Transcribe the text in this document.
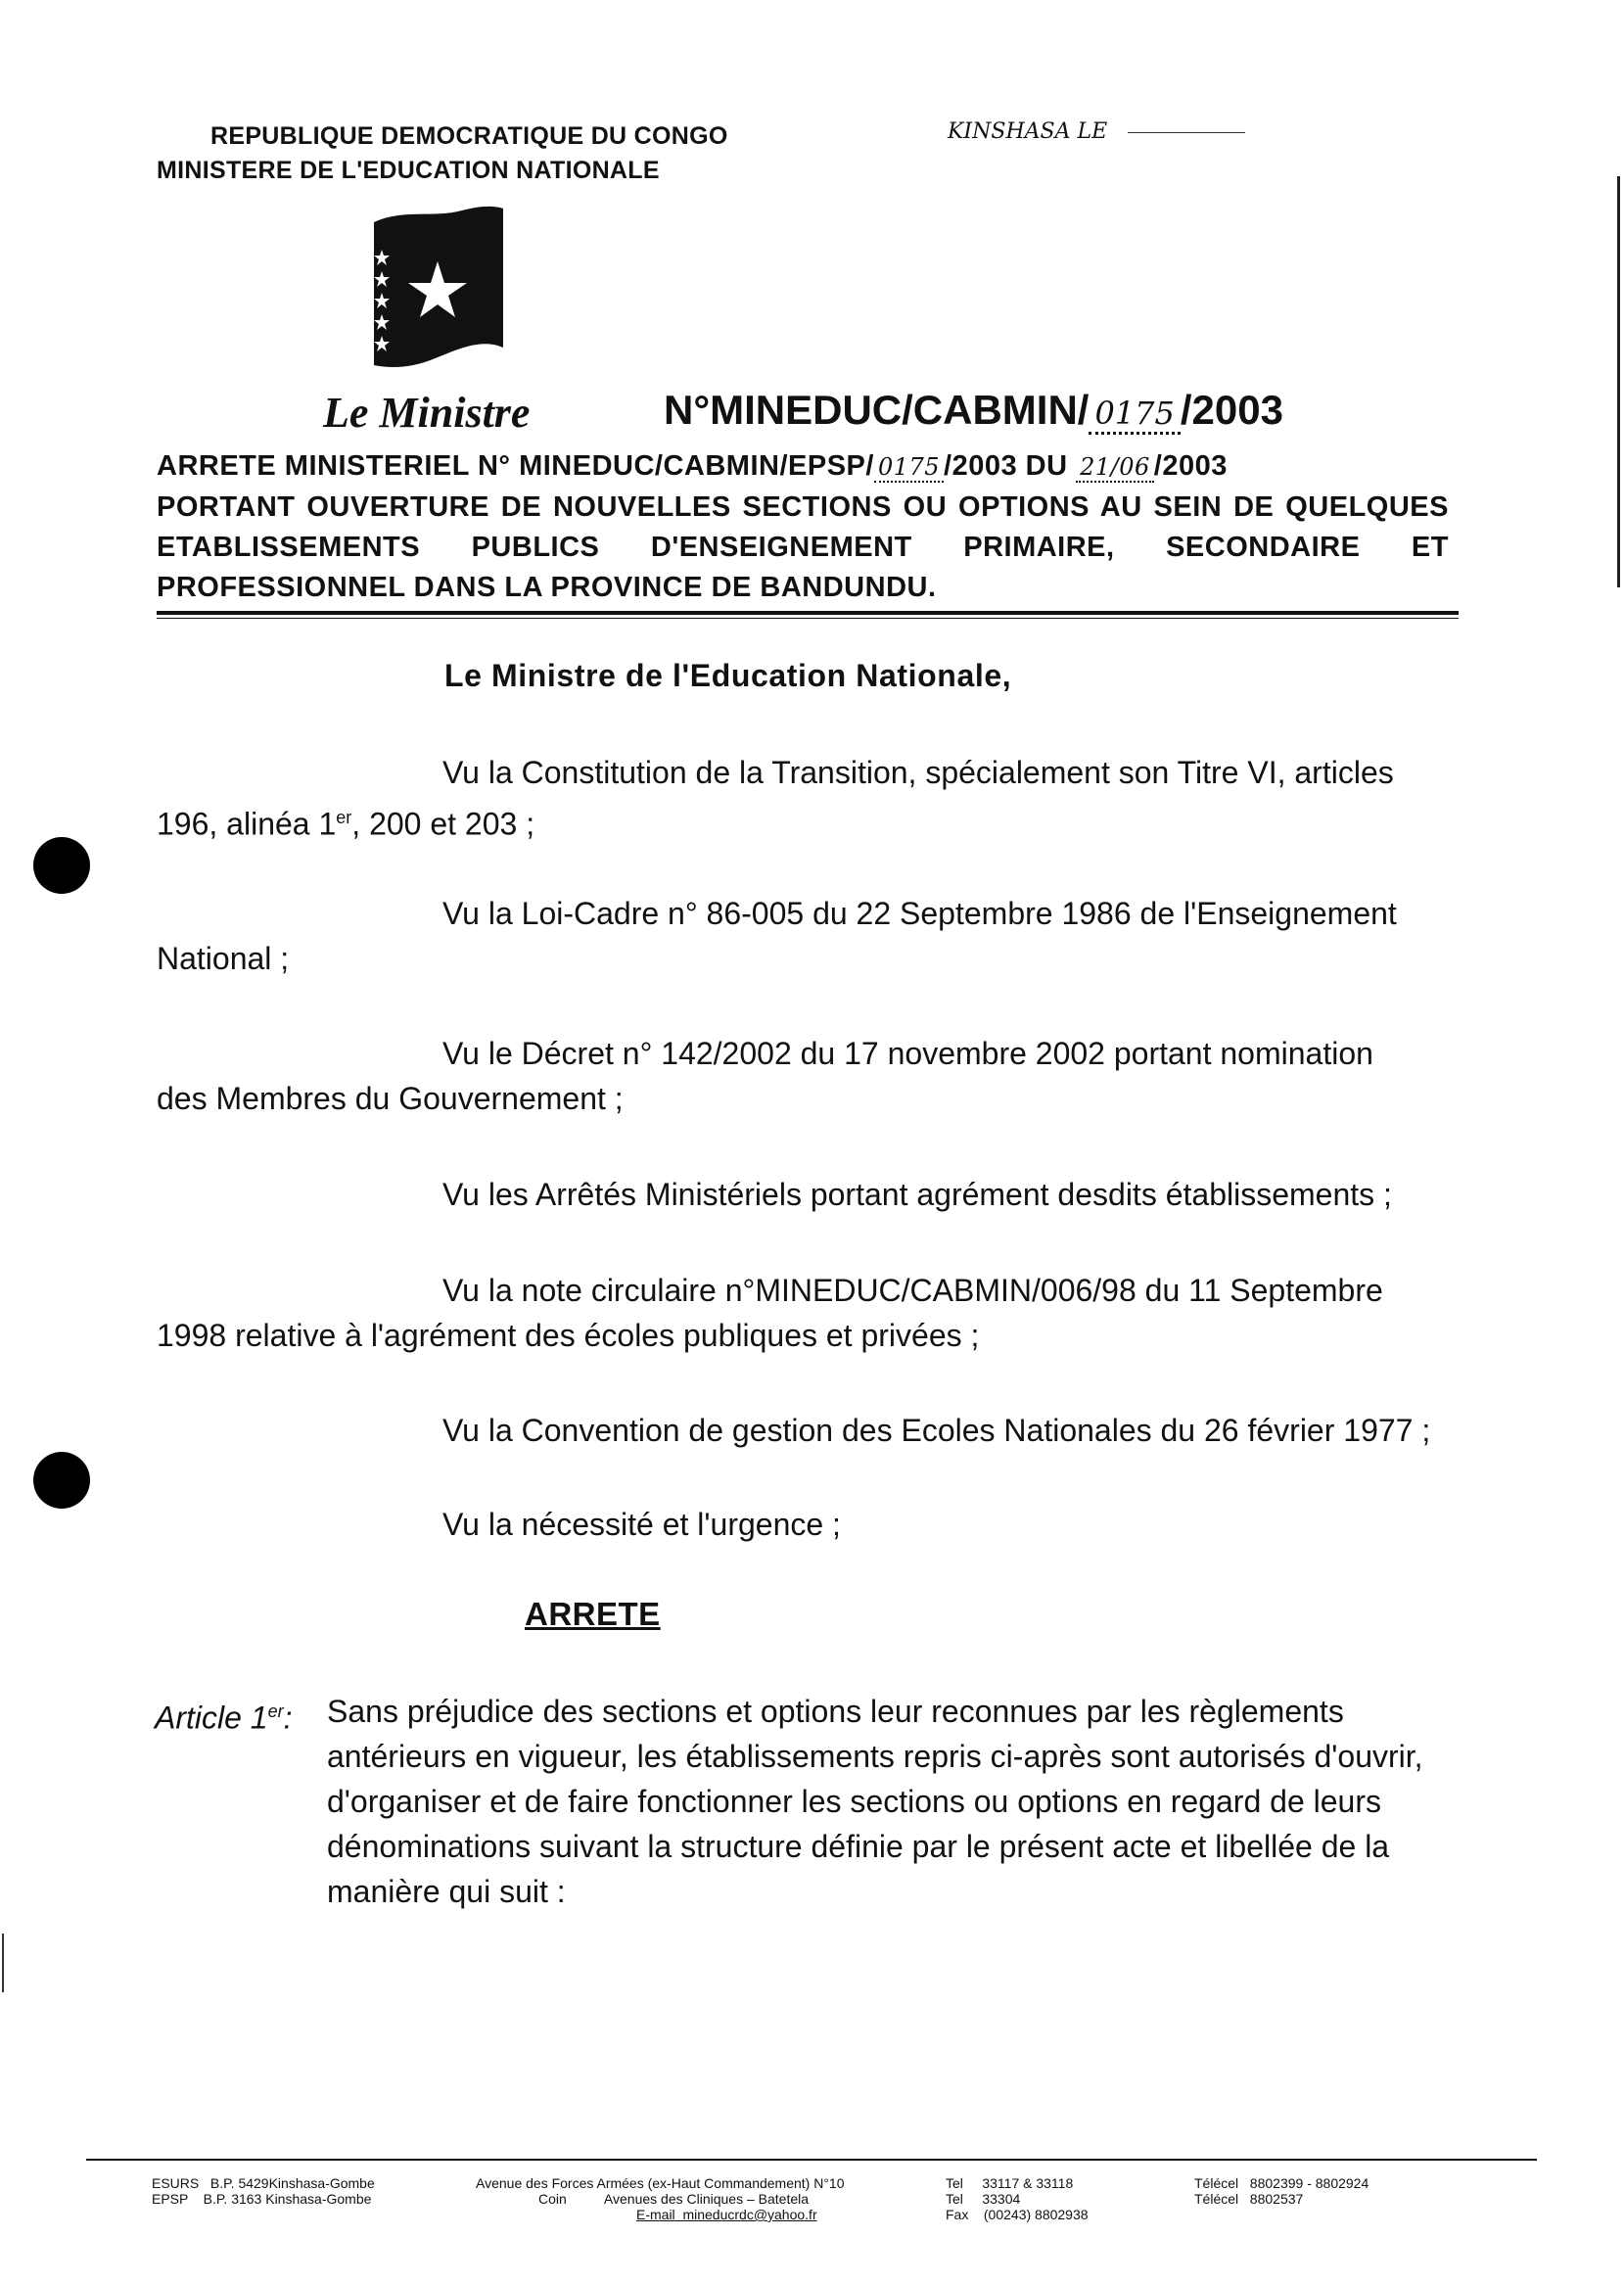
REPUBLIQUE DEMOCRATIQUE DU CONGO
MINISTERE DE L'EDUCATION NATIONALE
KINSHASA LE
Le Ministre	N°MINEDUC/CABMIN/ 0175 /2003
ARRETE MINISTERIEL N° MINEDUC/CABMIN/EPSP/ 0175 /2003 DU 21/06 /2003
PORTANT OUVERTURE DE NOUVELLES SECTIONS OU OPTIONS AU SEIN DE QUELQUES ETABLISSEMENTS PUBLICS D'ENSEIGNEMENT PRIMAIRE, SECONDAIRE ET PROFESSIONNEL DANS LA PROVINCE DE BANDUNDU.
Le Ministre de l'Education Nationale,
Vu la Constitution de la Transition, spécialement son Titre VI, articles
196, alinéa 1er, 200 et 203 ;
Vu la Loi-Cadre n° 86-005 du 22 Septembre 1986 de l'Enseignement
National ;
Vu le Décret n° 142/2002 du 17 novembre 2002 portant nomination
des Membres du Gouvernement ;
Vu les Arrêtés Ministériels portant agrément desdits établissements ;
Vu la note circulaire n°MINEDUC/CABMIN/006/98 du 11 Septembre
1998 relative à l'agrément des écoles publiques et privées ;
Vu la Convention de gestion des Ecoles Nationales du 26 février 1977 ;
Vu la nécessité et l'urgence ;
ARRETE
Article 1er: Sans préjudice des sections et options leur reconnues par les règlements
antérieurs en vigueur, les établissements repris ci-après sont autorisés d'ouvrir,
d'organiser et de faire fonctionner les sections ou options en regard de leurs
dénominations suivant la structure définie par le présent acte et libellée de la
manière qui suit :
ESURS   B.P. 5429Kinshasa-Gombe
EPSP    B.P. 3163 Kinshasa-Gombe
Avenue des Forces Armées (ex-Haut Commandement) N°10
Coin          Avenues des Cliniques – Batetela
E-mail  mineducrdc@yahoo.fr
Tel     33117 & 33118
Tel     33304
Fax    (00243) 8802938
Télécel   8802399 - 8802924
Télécel   8802537
